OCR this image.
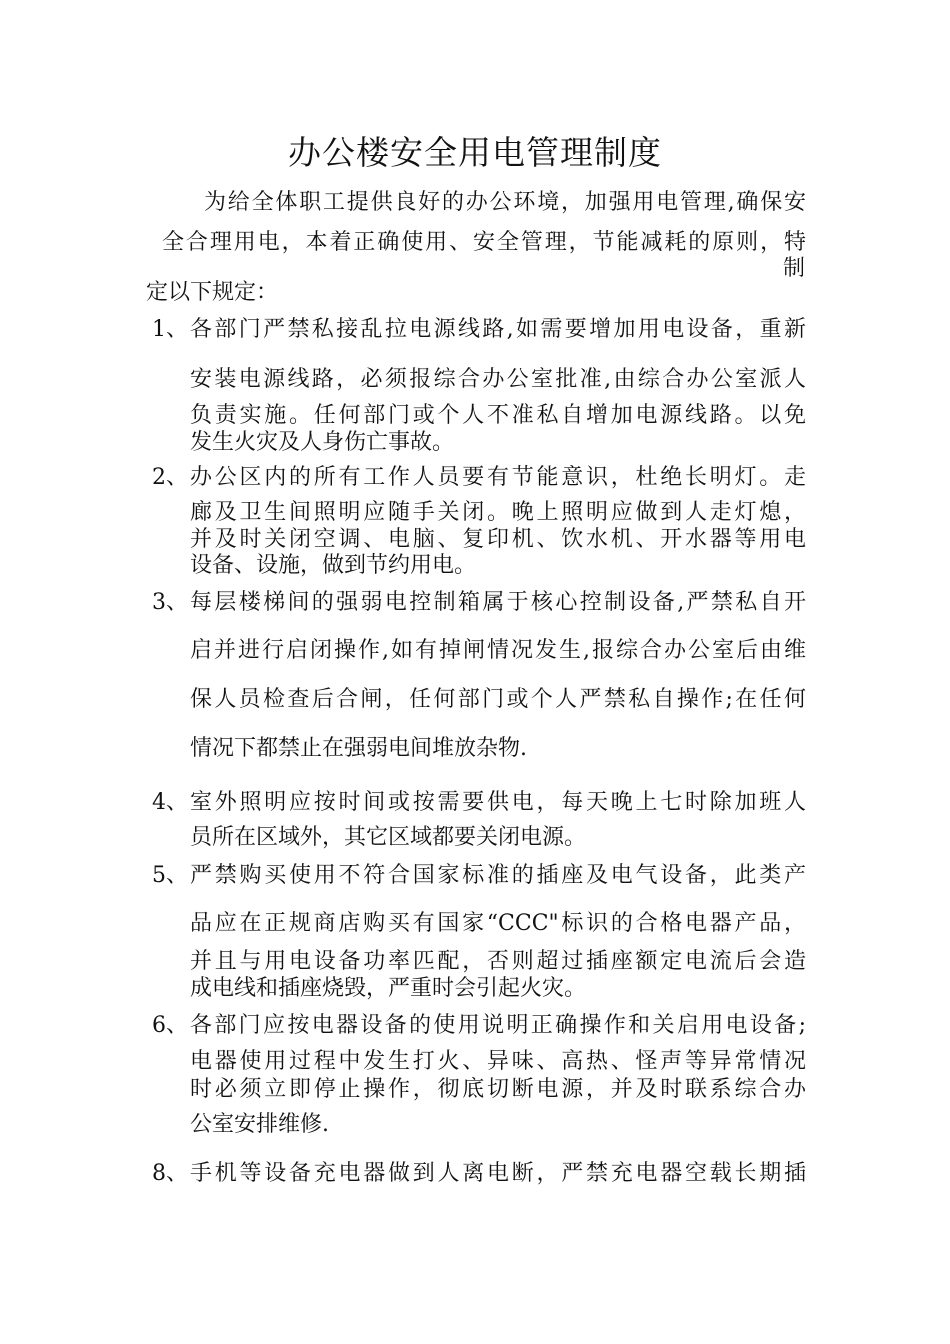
办公楼安全用电管理制度
为给全体职工提供良好的办公环境，加强用电管理,确保安
全合理用电，本着正确使用、安全管理，节能减耗的原则，特
制
定以下规定：
1、 各部门严禁私接乱拉电源线路,如需要增加用电设备，重新
安装电源线路，必须报综合办公室批准,由综合办公室派人
负责实施。任何部门或个人不准私自增加电源线路。以免
发生火灾及人身伤亡事故。
2、 办公区内的所有工作人员要有节能意识，杜绝长明灯。走
廊及卫生间照明应随手关闭。晚上照明应做到人走灯熄，
并及时关闭空调、电脑、复印机、饮水机、开水器等用电
设备、设施，做到节约用电。
3、 每层楼梯间的强弱电控制箱属于核心控制设备,严禁私自开
启并进行启闭操作,如有掉闸情况发生,报综合办公室后由维
保人员检查后合闸，任何部门或个人严禁私自操作;在任何
情况下都禁止在强弱电间堆放杂物.
4、 室外照明应按时间或按需要供电，每天晚上七时除加班人
员所在区域外，其它区域都要关闭电源。
5、 严禁购买使用不符合国家标准的插座及电气设备，此类产
品应在正规商店购买有国家“CCC"标识的合格电器产品，
并且与用电设备功率匹配，否则超过插座额定电流后会造
成电线和插座烧毁，严重时会引起火灾。
6、 各部门应按电器设备的使用说明正确操作和关启用电设备;
电器使用过程中发生打火、异味、高热、怪声等异常情况
时必须立即停止操作，彻底切断电源，并及时联系综合办
公室安排维修.
8、 手机等设备充电器做到人离电断，严禁充电器空载长期插
